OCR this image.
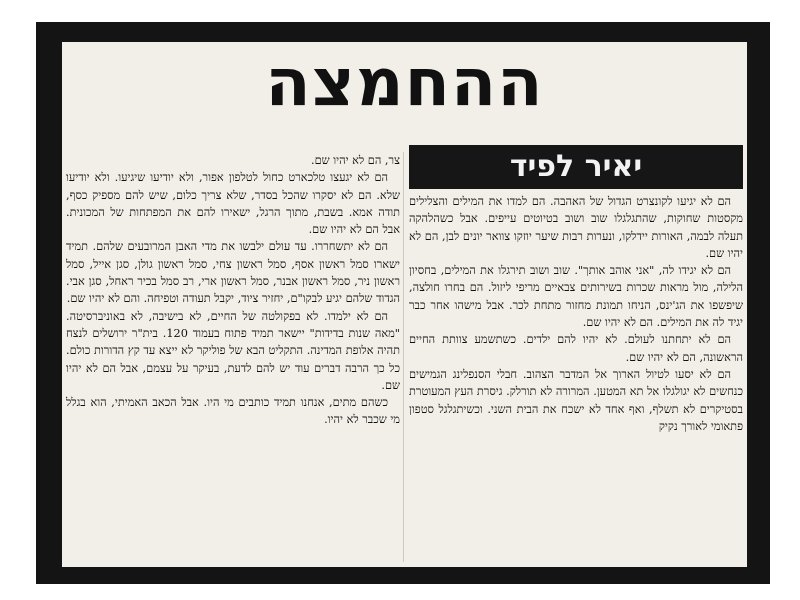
ההחמצה
יאיר לפיד

הם לא יגיעו לקונצרט הגדול של האהבה. הם למדו את המילים והצלילים מקסטות שחוקות, שהתגלגלו שוב ושוב בטיוטים עייפים. אבל כשהלהקה תעלה לבמה, האורות יידלקו, ונערות רבות שיער יוזקו צוואר יונים לבן, הם לא יהיו שם.

הם לא יגידו לה, "אני אוהב אותך". שוב ושוב תירגלו את המילים, בחסיון הלילה, מול מראות שכרות בשירותים צבאיים מריפי ליזול. הם בחרו חולצה, שיפשפו את הג'ינס, הניחו תמונת מחזור מתחת לכר. אבל מישהו אחר כבר יגיד לה את המילים. הם לא יהיו שם.

הם לא יתחתנו לעולם. לא יהיו להם ילדים. כשתשמע צוותת החיים הראשונה, הם לא יהיו שם.

הם לא יסעו לטיול הארוך אל המדבר הצהוב. חבלי הסנפלינג הגמישים כנחשים לא יגולגלו אל תא המטען. המרורה לא תורלק. גיסרת העץ המעוטרת בסטיקרים לא תשלף, ואף אחד לא ישכח את הבית השני. וכשיתגלגל סטפון פתאומי לאורך נקיק

צר, הם לא יהיו שם.

הם לא יגעצו טלכארט כחול לטלפון אפור, ולא יודיעו שיגיעו. ולא יודיעו שלא. הם לא יסקרו שהכל בסדר, שלא צריך כלום, שיש להם מספיק כסף, תודה אמא. בשבת, מתוך הרגל, ישאירו להם את המפתחות של המכונית. אבל הם לא יהיו שם.

הם לא יתשחררו. עד עולם ילבשו את מדי האבן המרובעים שלהם. תמיד ישארו סמל ראשון אסף, סמל ראשון צחי, סמל ראשון גולן, סגן אייל, סמל ראשון ניר, סמל ראשון אבנר, סמל ראשון ארי, רב סמל בכיר ראחל, סגן אבי. הגדוד שלהם יגיע לבקו"ם, יחזיר ציוד, יקבל תעודה וטפיחה. והם לא יהיו שם.

הם לא ילמדו. לא בפקולטה של החיים, לא בישיבה, לא באוניברסיטה. "מאה שנות בדידות" יישאר תמיד פתוח בעמוד 120. בית"ר ירושלים לנצח תהיה אלופת המדינה. התקליט הבא של פוליקר לא ייצא עד קץ הדורות כולם. כל כך הרבה דברים עוד יש להם לדעת, בעיקר על עצמם, אבל הם לא יהיו שם.

כשהם מתים, אנחנו תמיד כותבים מי היו. אבל הכאב האמיתי, הוא בגלל מי שכבר לא יהיו.
